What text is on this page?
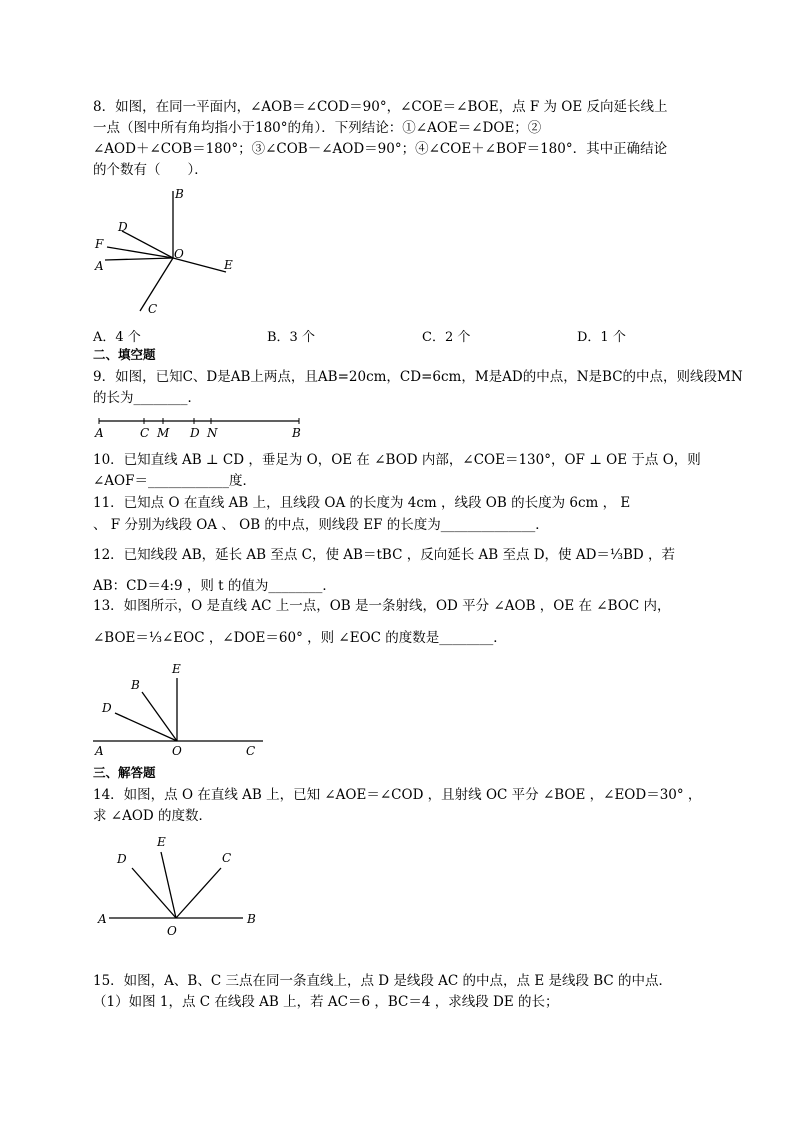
8．如图，在同一平面内，∠AOB＝∠COD＝90°，∠COE＝∠BOE，点 F 为 OE 反向延长线上
一点（图中所有角均指小于180°的角）．下列结论：①∠AOE＝∠DOE；②
∠AOD＋∠COB＝180°；③∠COB－∠AOD＝90°；④∠COE＋∠BOF＝180°．其中正确结论
的个数有（　　）．
B
D
F
O
A	E
C
A．4 个	B．3 个	C．2 个	D．1 个
二、填空题
9．如图，已知C、D是AB上两点，且AB=20cm，CD=6cm，M是AD的中点，N是BC的中点，则线段MN
的长为________．
A	C M D N	B
10．已知直线 AB ⊥ CD ，垂足为 O，OE 在 ∠BOD 内部，∠COE＝130°，OF ⊥ OE 于点 O，则
∠AOF＝____________度．
11．已知点 O 在直线 AB 上，且线段 OA 的长度为 4cm ，线段 OB 的长度为 6cm ， E
、 F 分别为线段 OA 、 OB 的中点，则线段 EF 的长度为______________．
12．已知线段 AB，延长 AB 至点 C，使 AB＝tBC ，反向延长 AB 至点 D，使 AD＝⅓BD ，若
AB：CD＝4:9 ，则 t 的值为________．
13．如图所示，O 是直线 AC 上一点，OB 是一条射线，OD 平分 ∠AOB ，OE 在 ∠BOC 内，
∠BOE＝⅓∠EOC ，∠DOE＝60° ，则 ∠EOC 的度数是________．
E
B
D
A	O	C
三、解答题
14．如图，点 O 在直线 AB 上，已知 ∠AOE＝∠COD ，且射线 OC 平分 ∠BOE ，∠EOD＝30° ，
求 ∠AOD 的度数．
E
D	C
A	B
O
15．如图，A、B、C 三点在同一条直线上，点 D 是线段 AC 的中点，点 E 是线段 BC 的中点．
（1）如图 1，点 C 在线段 AB 上，若 AC＝6 ，BC＝4 ，求线段 DE 的长；
